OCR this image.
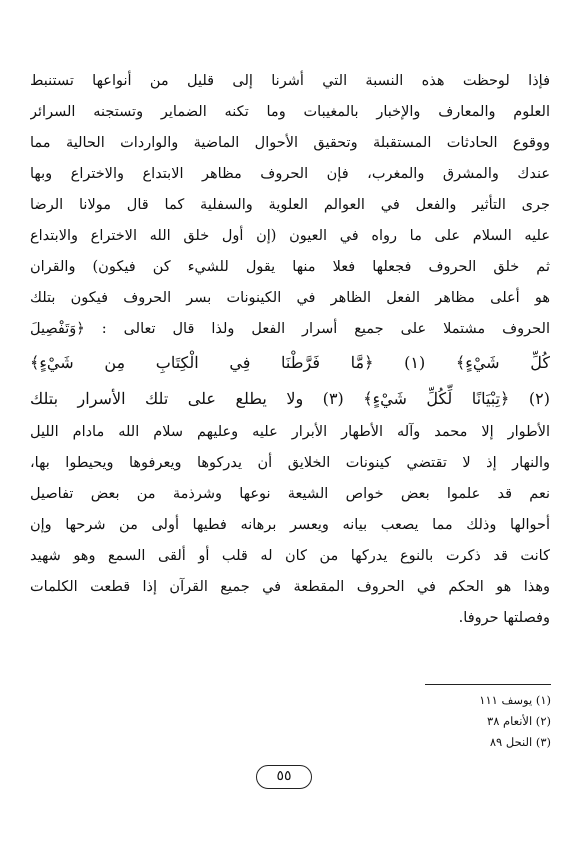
فإذا لوحظت هذه النسبة التي أشرنا إلى قليل من أنواعها تستنبط
العلوم والمعارف والإخبار بالمغيبات وما تكنه الضماير وتستجنه السرائر
ووقوع الحادثات المستقبلة وتحقيق الأحوال الماضية والواردات الحالية مما
عندك والمشرق والمغرب، فإن الحروف مظاهر الابتداع والاختراع وبها
جرى التأثير والفعل في العوالم العلوية والسفلية كما قال مولانا الرضا
عليه السلام على ما رواه في العيون (إن أول خلق الله الاختراع والابتداع
ثم خلق الحروف فجعلها فعلا منها يقول للشيء كن فيكون) والقران
هو أعلى مظاهر الفعل الظاهر في الكينونات بسر الحروف فيكون بتلك
الحروف مشتملا على جميع أسرار الفعل ولذا قال تعالى : ﴿وَتَفْصِيلَ
كُلِّ شَيْءٍ﴾ (١) ﴿مَّا فَرَّطْنَا فِي الْكِتَابِ مِن شَيْءٍ﴾
(٢) ﴿تِبْيَانًا لِّكُلِّ شَيْءٍ﴾ (٣) ولا يطلع على تلك الأسرار بتلك
الأطوار إلا محمد وآله الأطهار الأبرار عليه وعليهم سلام الله مادام الليل
والنهار إذ لا تقتضي كينونات الخلايق أن يدركوها ويعرفوها ويحيطوا بها،
نعم قد علموا بعض خواص الشيعة نوعها وشرذمة من بعض تفاصيل
أحوالها وذلك مما يصعب بيانه ويعسر برهانه فطيها أولى من شرحها وإن
كانت قد ذكرت بالنوع يدركها من كان له قلب أو ألقى السمع وهو شهيد
وهذا هو الحكم في الحروف المقطعة في جميع القرآن إذا قطعت الكلمات
وفصلتها حروفا.
(١) يوسف ١١١
(٢) الأنعام ٣٨
(٣) النحل ٨٩
٥٥
